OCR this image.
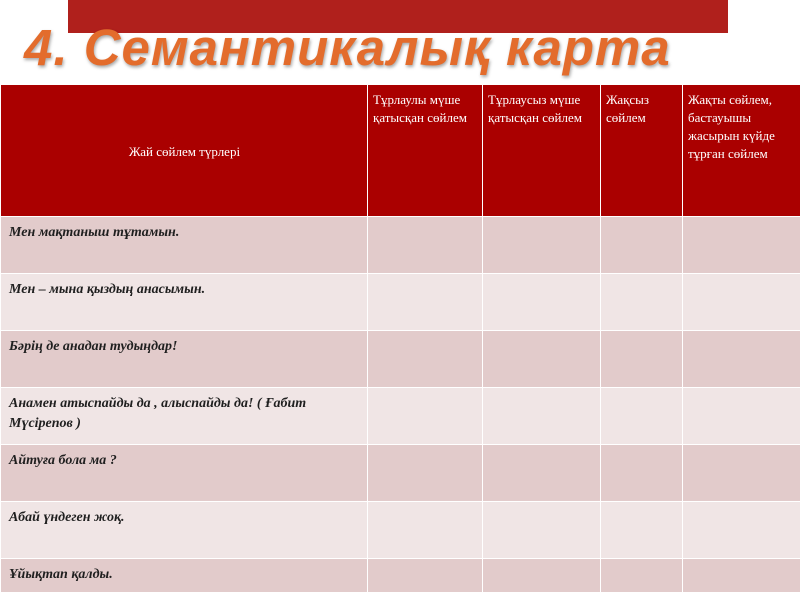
4. Семантикалық карта
Жай сөйлем түрлері	Тұрлаулы мүше қатысқан сөйлем	Тұрлаусыз мүше қатысқан сөйлем	Жақсыз сөйлем	Жақты сөйлем, бастауышы жасырын күйде тұрған сөйлем
Мен мақтаныш тұтамын.				
Мен – мына қыздың анасымын.				
Бәрің де анадан тудыңдар!				
Анамен атыспайды да , алыспайды да! ( Ғабит Мүсірепов )				
Айтуға бола ма ?				
Абай үндеген жоқ.				
Ұйықтап қалды.				
